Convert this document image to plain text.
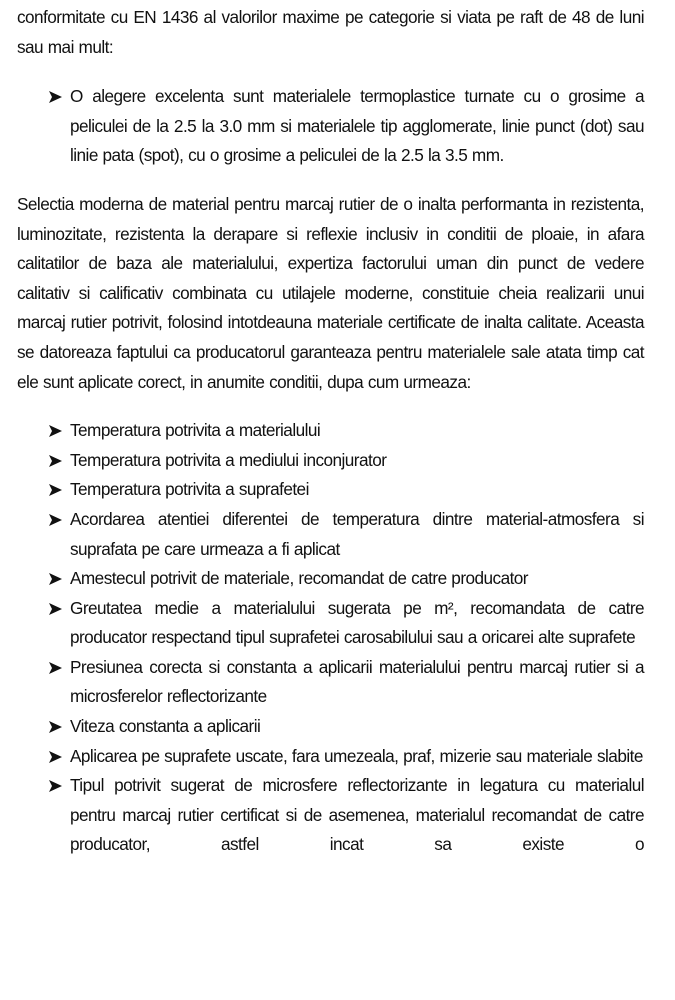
conformitate cu EN 1436 al valorilor maxime pe categorie si viata pe raft de 48 de luni sau mai mult:

O alegere excelenta sunt materialele termoplastice turnate cu o grosime a peliculei de la 2.5 la 3.0 mm si materialele tip agglomerate, linie punct (dot) sau linie pata (spot), cu o grosime a peliculei de la 2.5 la 3.5 mm.

Selectia moderna de material pentru marcaj rutier de o inalta performanta in rezistenta, luminozitate, rezistenta la derapare si reflexie inclusiv in conditii de ploaie, in afara calitatilor de baza ale materialului, expertiza factorului uman din punct de vedere calitativ si calificativ combinata cu utilajele moderne, constituie cheia realizarii unui marcaj rutier potrivit, folosind intotdeauna materiale certificate de inalta calitate. Aceasta se datoreaza faptului ca producatorul garanteaza pentru materialele sale atata timp cat ele sunt aplicate corect, in anumite conditii, dupa cum urmeaza:

Temperatura potrivita a materialului
Temperatura potrivita a mediului inconjurator
Temperatura potrivita a suprafetei
Acordarea atentiei diferentei de temperatura dintre material-atmosfera si suprafata pe care urmeaza a fi aplicat
Amestecul potrivit de materiale, recomandat de catre producator
Greutatea medie a materialului sugerata pe m², recomandata de catre producator respectand tipul suprafetei carosabilului sau a oricarei alte suprafete
Presiunea corecta si constanta a aplicarii materialului pentru marcaj rutier si a microsferelor reflectorizante
Viteza constanta a aplicarii
Aplicarea pe suprafete uscate, fara umezeala, praf, mizerie sau materiale slabite
Tipul potrivit sugerat de microsfere reflectorizante in legatura cu materialul pentru marcaj rutier certificat si de asemenea, materialul recomandat de catre producator, astfel incat sa existe o
